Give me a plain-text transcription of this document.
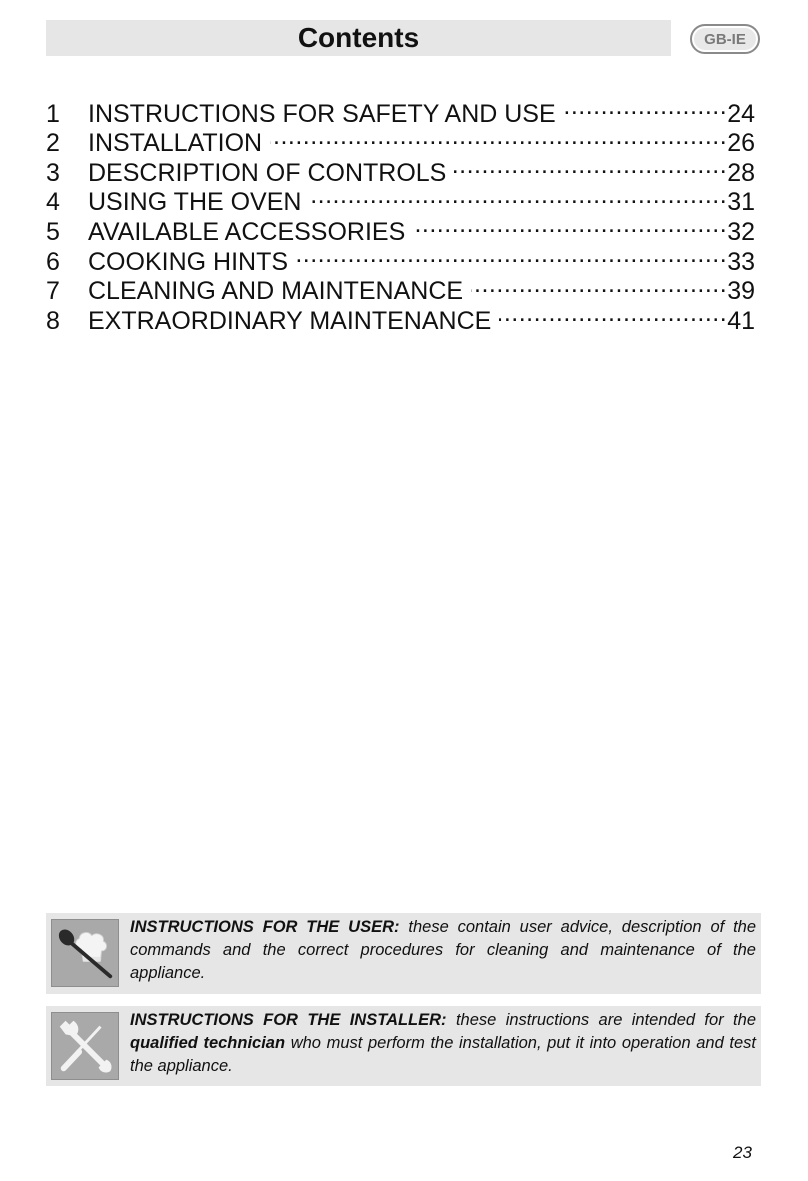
Contents	GB-IE
1	INSTRUCTIONS FOR SAFETY AND USE .....	24
2	INSTALLATION .....	26
3	DESCRIPTION OF CONTROLS .....	28
4	USING THE OVEN .....	31
5	AVAILABLE ACCESSORIES .....	32
6	COOKING HINTS .....	33
7	CLEANING AND MAINTENANCE .....	39
8	EXTRAORDINARY MAINTENANCE .....	41
INSTRUCTIONS FOR THE USER: these contain user advice, description of the commands and the correct procedures for cleaning and maintenance of the appliance.
INSTRUCTIONS FOR THE INSTALLER: these instructions are intended for the qualified technician who must perform the installation, put it into operation and test the appliance.
23
